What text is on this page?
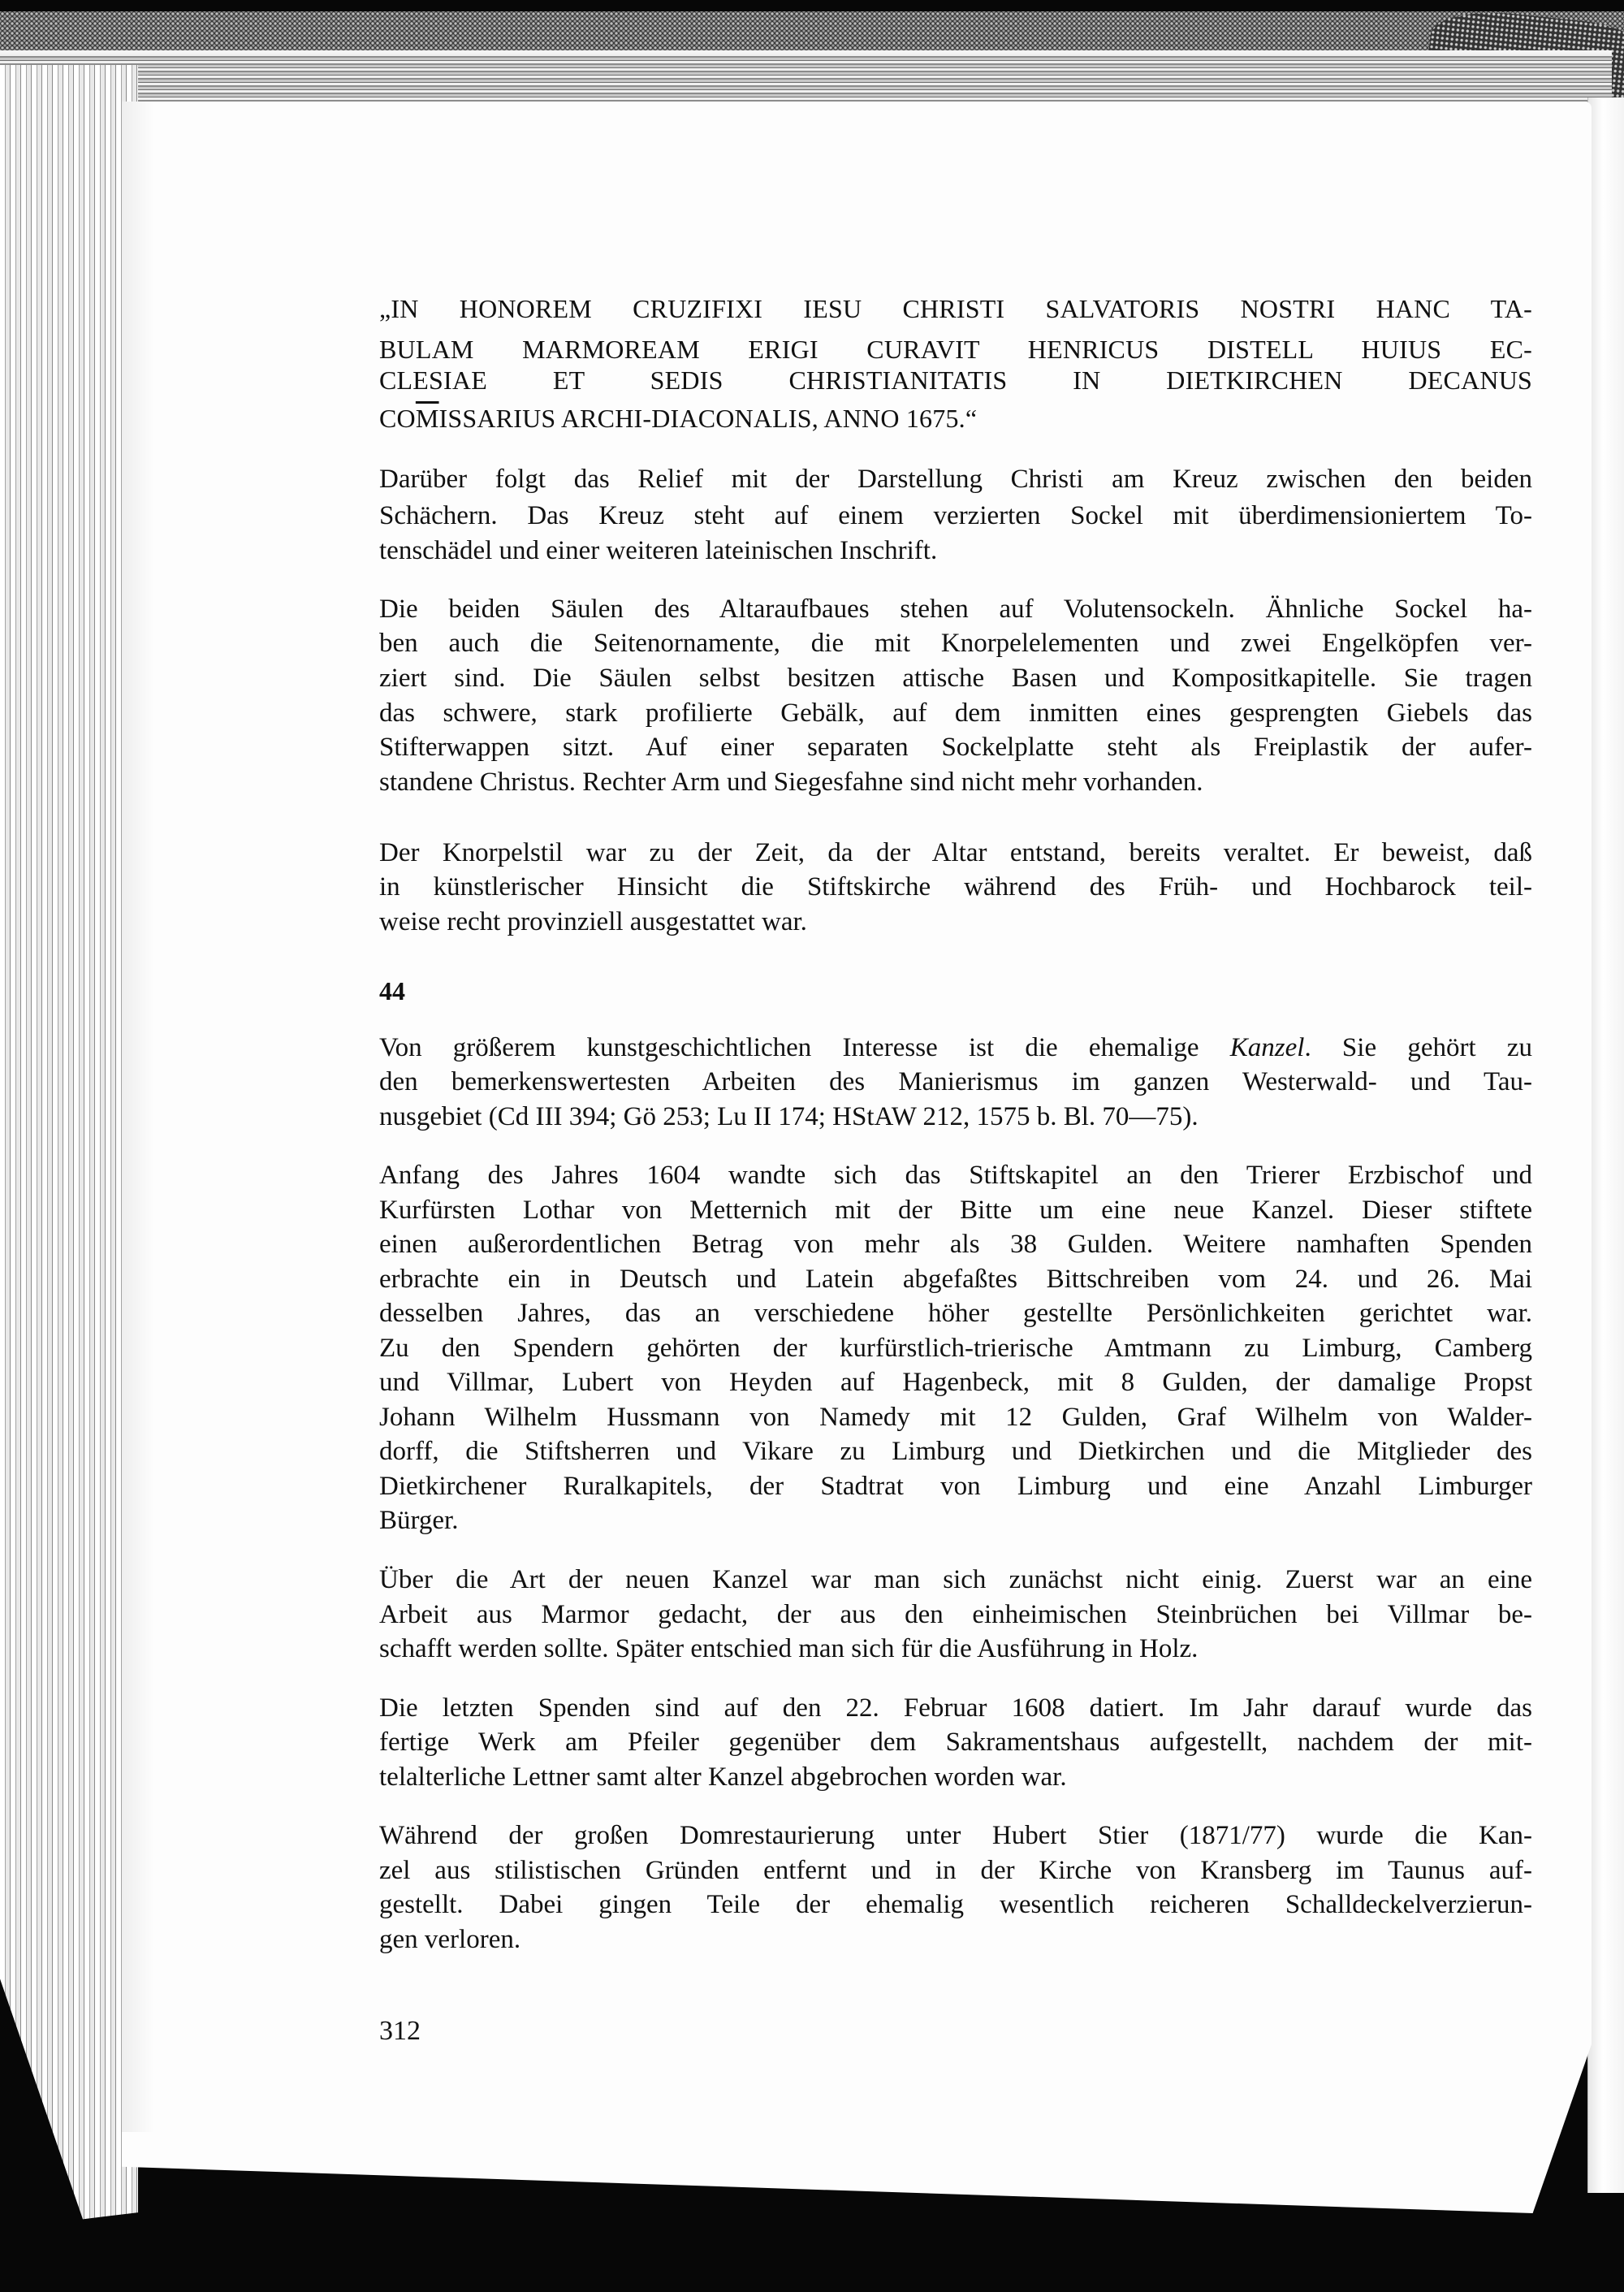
„IN HONOREM CRUZIFIXI IESU CHRISTI SALVATORIS NOSTRI HANC TA-
BULAM MARMOREAM ERIGI CURAVIT HENRICUS DISTELL HUIUS EC-
CLESIAE ET SEDIS CHRISTIANITATIS IN DIETKIRCHEN DECANUS
$CO\overline{M}ISSARIUS$ ARCHI-DIACONALIS, ANNO 1675.“
Darüber folgt das Relief mit der Darstellung Christi am Kreuz zwischen den beiden
Schächern. Das Kreuz steht auf einem verzierten Sockel mit überdimensioniertem To-
tenschädel und einer weiteren lateinischen Inschrift.
Die beiden Säulen des Altaraufbaues stehen auf Volutensockeln. Ähnliche Sockel ha-
ben auch die Seitenornamente, die mit Knorpelelementen und zwei Engelköpfen ver-
ziert sind. Die Säulen selbst besitzen attische Basen und Kompositkapitelle. Sie tragen
das schwere, stark profilierte Gebälk, auf dem inmitten eines gesprengten Giebels das
Stifterwappen sitzt. Auf einer separaten Sockelplatte steht als Freiplastik der aufer-
standene Christus. Rechter Arm und Siegesfahne sind nicht mehr vorhanden.
Der Knorpelstil war zu der Zeit, da der Altar entstand, bereits veraltet. Er beweist, daß
in künstlerischer Hinsicht die Stiftskirche während des Früh- und Hochbarock teil-
weise recht provinziell ausgestattet war.
44
Von größerem kunstgeschichtlichen Interesse ist die ehemalige Kanzel. Sie gehört zu
den bemerkenswertesten Arbeiten des Manierismus im ganzen Westerwald- und Tau-
nusgebiet (Cd III 394; Gö 253; Lu II 174; HStAW 212, 1575 b. Bl. 70—75).
Anfang des Jahres 1604 wandte sich das Stiftskapitel an den Trierer Erzbischof und
Kurfürsten Lothar von Metternich mit der Bitte um eine neue Kanzel. Dieser stiftete
einen außerordentlichen Betrag von mehr als 38 Gulden. Weitere namhaften Spenden
erbrachte ein in Deutsch und Latein abgefaßtes Bittschreiben vom 24. und 26. Mai
desselben Jahres, das an verschiedene höher gestellte Persönlichkeiten gerichtet war.
Zu den Spendern gehörten der kurfürstlich-trierische Amtmann zu Limburg, Camberg
und Villmar, Lubert von Heyden auf Hagenbeck, mit 8 Gulden, der damalige Propst
Johann Wilhelm Hussmann von Namedy mit 12 Gulden, Graf Wilhelm von Walder-
dorff, die Stiftsherren und Vikare zu Limburg und Dietkirchen und die Mitglieder des
Dietkirchener Ruralkapitels, der Stadtrat von Limburg und eine Anzahl Limburger
Bürger.
Über die Art der neuen Kanzel war man sich zunächst nicht einig. Zuerst war an eine
Arbeit aus Marmor gedacht, der aus den einheimischen Steinbrüchen bei Villmar be-
schafft werden sollte. Später entschied man sich für die Ausführung in Holz.
Die letzten Spenden sind auf den 22. Februar 1608 datiert. Im Jahr darauf wurde das
fertige Werk am Pfeiler gegenüber dem Sakramentshaus aufgestellt, nachdem der mit-
telalterliche Lettner samt alter Kanzel abgebrochen worden war.
Während der großen Domrestaurierung unter Hubert Stier (1871/77) wurde die Kan-
zel aus stilistischen Gründen entfernt und in der Kirche von Kransberg im Taunus auf-
gestellt. Dabei gingen Teile der ehemalig wesentlich reicheren Schalldeckelverzierun-
gen verloren.
312
